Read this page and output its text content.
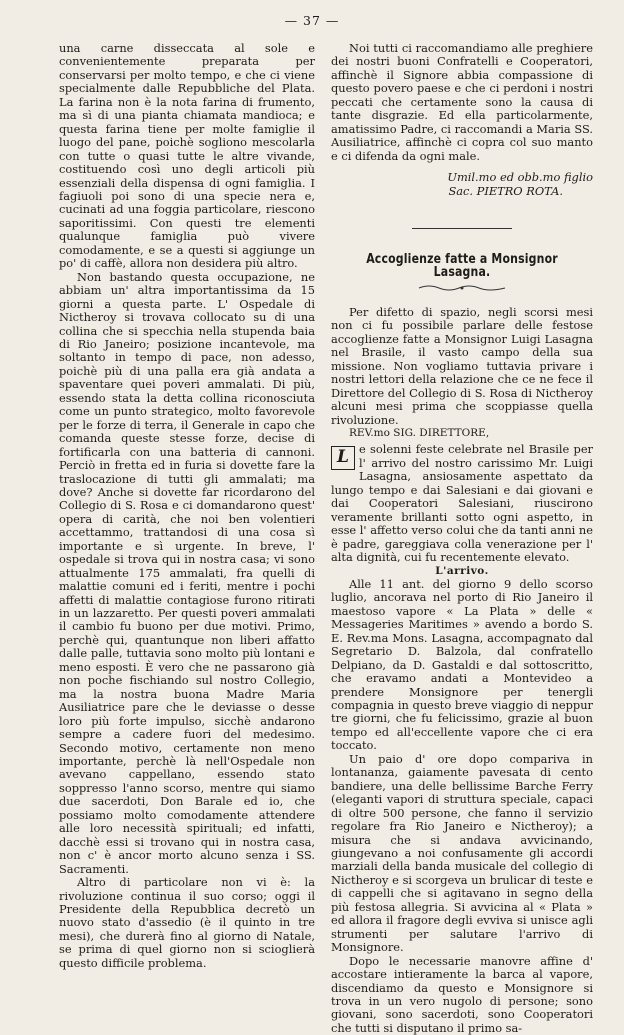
— 37 —

una carne disseccata al sole e convenientemente preparata per conservarsi per molto tempo, e che ci viene specialmente dalle Repubbliche del Plata. La farina non è la nota farina di frumento, ma sì di una pianta chiamata mandioca; e questa farina tiene per molte famiglie il luogo del pane, poichè sogliono mescolarla con tutte o quasi tutte le altre vivande, costituendo così uno degli articoli più essenziali della dispensa di ogni famiglia. I fagiuoli poi sono di una specie nera e, cucinati ad una foggia particolare, riescono saporitissimi. Con questi tre elementi qualunque famiglia può vivere comodamente, e se a questi si aggiunge un po' di caffè, allora non desidera più altro.

Non bastando questa occupazione, ne abbiam un' altra importantissima da 15 giorni a questa parte. L' Ospedale di Nictheroy si trovava collocato su di una collina che si specchia nella stupenda baia di Rio Janeiro; posizione incantevole, ma soltanto in tempo di pace, non adesso, poichè più di una palla era già andata a spaventare quei poveri ammalati. Di più, essendo stata la detta collina riconosciuta come un punto strategico, molto favorevole per le forze di terra, il Generale in capo che comanda queste stesse forze, decise di fortificarla con una batteria di cannoni. Perciò in fretta ed in furia si dovette fare la traslocazione di tutti gli ammalati; ma dove? Anche si dovette far ricordarono del Collegio di S. Rosa e ci domandarono quest' opera di carità, che noi ben volentieri accettammo, trattandosi di una cosa sì importante e sì urgente. In breve, l' ospedale si trova qui in nostra casa; vi sono attualmente 175 ammalati, fra quelli di malattie comuni ed i feriti, mentre i pochi affetti di malattie contagiose furono ritirati in un lazzaretto. Per questi poveri ammalati il cambio fu buono per due motivi. Primo, perchè qui, quantunque non liberi affatto dalle palle, tuttavia sono molto più lontani e meno esposti. È vero che ne passarono già non poche fischiando sul nostro Collegio, ma la nostra buona Madre Maria Ausiliatrice pare che le deviasse o desse loro più forte impulso, sicchè andarono sempre a cadere fuori del medesimo. Secondo motivo, certamente non meno importante, perchè là nell'Ospedale non avevano cappellano, essendo stato soppresso l'anno scorso, mentre qui siamo due sacerdoti, Don Barale ed io, che possiamo molto comodamente attendere alle loro necessità spirituali; ed infatti, dacchè essi si trovano qui in nostra casa, non c' è ancor morto alcuno senza i SS. Sacramenti.

Altro di particolare non vi è: la rivoluzione continua il suo corso; oggi il Presidente della Repubblica decretò un nuovo stato d'assedio (è il quinto in tre mesi), che durerà fino al giorno di Natale, se prima di quel giorno non si scioglierà questo difficile problema.

Noi tutti ci raccomandiamo alle preghiere dei nostri buoni Confratelli e Cooperatori, affinchè il Signore abbia compassione di questo povero paese e che ci perdoni i nostri peccati che certamente sono la causa di tante disgrazie. Ed ella particolarmente, amatissimo Padre, ci raccomandi a Maria SS. Ausiliatrice, affinchè ci copra col suo manto e ci difenda da ogni male.

Umil.mo ed obb.mo figlio

Sac. PIETRO ROTA.

Accoglienze fatte a Monsignor Lasagna.

Per difetto di spazio, negli scorsi mesi non ci fu possibile parlare delle festose accoglienze fatte a Monsignor Luigi Lasagna nel Brasile, il vasto campo della sua missione. Non vogliamo tuttavia privare i nostri lettori della relazione che ce ne fece il Direttore del Collegio di S. Rosa di Nictheroy alcuni mesi prima che scoppiasse quella rivoluzione.

REV.mo SIG. DIRETTORE,

L e solenni feste celebrate nel Brasile per l' arrivo del nostro carissimo Mr. Luigi Lasagna, ansiosamente aspettato da lungo tempo e dai Salesiani e dai giovani e dai Cooperatori Salesiani, riuscirono veramente brillanti sotto ogni aspetto, in esse l' affetto verso colui che da tanti anni ne è padre, gareggiava colla venerazione per l' alta dignità, cui fu recentemente elevato.

L'arrivo.

Alle 11 ant. del giorno 9 dello scorso luglio, ancorava nel porto di Rio Janeiro il maestoso vapore « La Plata » delle « Messageries Maritimes » avendo a bordo S. E. Rev.ma Mons. Lasagna, accompagnato dal Segretario D. Balzola, dal confratello Delpiano, da D. Gastaldi e dal sottoscritto, che eravamo andati a Montevideo a prendere Monsignore per tenergli compagnia in questo breve viaggio di neppur tre giorni, che fu felicissimo, grazie al buon tempo ed all'eccellente vapore che ci era toccato.

Un paio d' ore dopo compariva in lontananza, gaiamente pavesata di cento bandiere, una delle bellissime Barche Ferry (eleganti vapori di struttura speciale, capaci di oltre 500 persone, che fanno il servizio regolare fra Rio Janeiro e Nictheroy); a misura che si andava avvicinando, giungevano a noi confusamente gli accordi marziali della banda musicale del collegio di Nictheroy e si scorgeva un brulicar di teste e di cappelli che si agitavano in segno della più festosa allegria. Si avvicina al « Plata » ed allora il fragore degli evviva si unisce agli strumenti per salutare l'arrivo di Monsignore.

Dopo le necessarie manovre affine d' accostare intieramente la barca al vapore, discendiamo da questo e Monsignore si trova in un vero nugolo di persone; sono giovani, sono sacerdoti, sono Cooperatori che tutti si disputano il primo sa-
